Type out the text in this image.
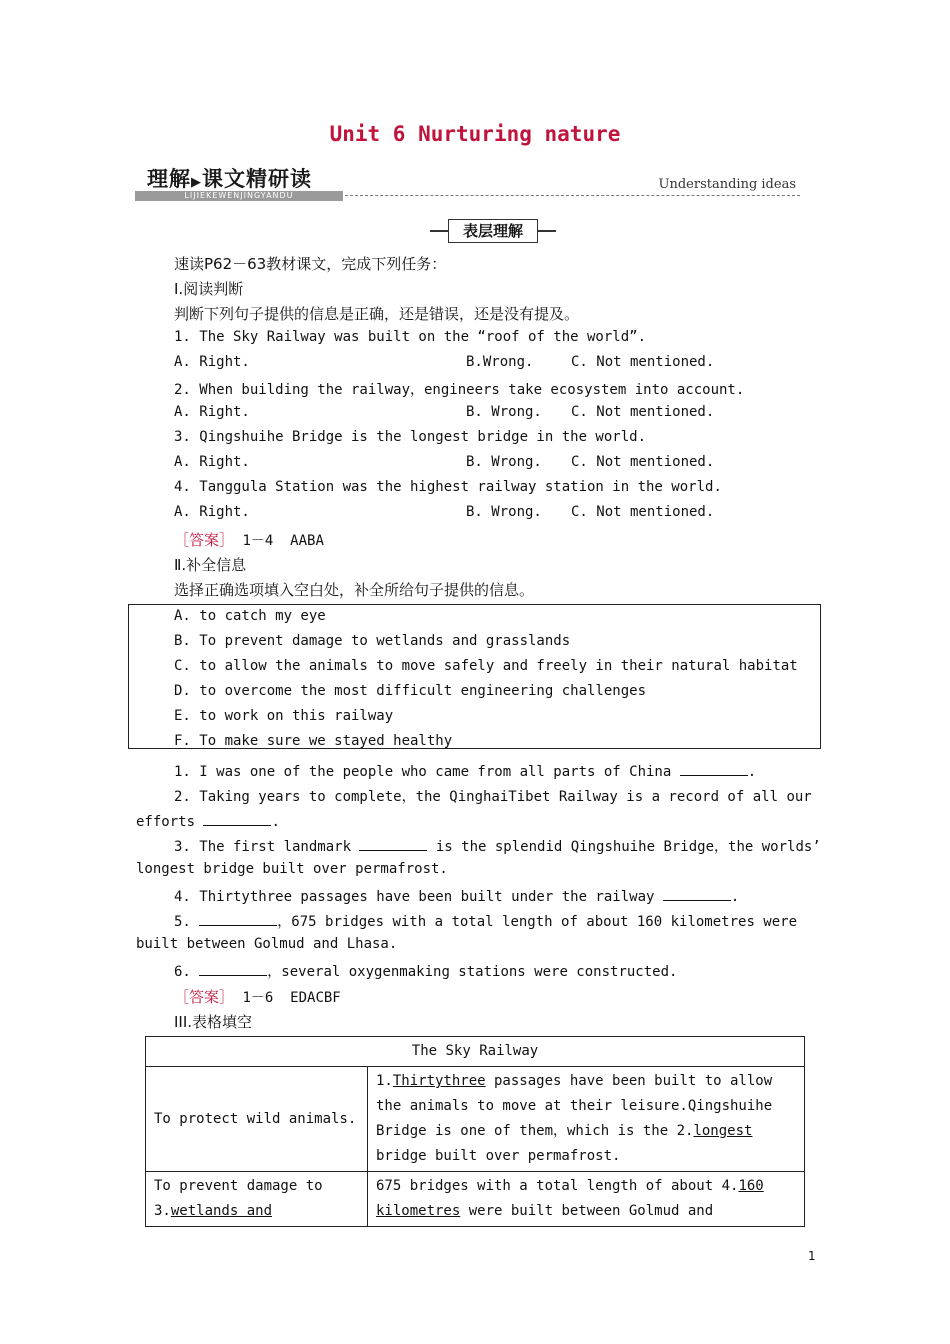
Unit 6 Nurturing nature
理解▶课文精研读
LIJIEKEWENJINGYANDU
Understanding ideas
表层理解
速读P62－63教材课文，完成下列任务：
Ⅰ.阅读判断
判断下列句子提供的信息是正确，还是错误，还是没有提及。
1. The Sky Railway was built on the “roof of the world”.
A. Right.	B.Wrong.	C. Not mentioned.
2. When building the railway，engineers take ecosystem into account.
A. Right.	B. Wrong. C. Not mentioned.
3. Qingshuihe Bridge is the longest bridge in the world.
A. Right.	B. Wrong. C. Not mentioned.
4. Tanggula Station was the highest railway station in the world.
A. Right.	B. Wrong. C. Not mentioned.
［答案］ 1－4  AABA
Ⅱ.补全信息
选择正确选项填入空白处，补全所给句子提供的信息。
A. to catch my eye
B. To prevent damage to wetlands and grasslands
C. to allow the animals to move safely and freely in their natural habitat
D. to overcome the most difficult engineering challenges
E. to work on this railway
F. To make sure we stayed healthy
1. I was one of the people who came from all parts of China	.
2. Taking years to complete，the QinghaiTibet Railway is a record of all our
efforts	.
3. The first landmark	is the splendid Qingshuihe Bridge，the worlds’
longest bridge built over permafrost.
4. Thirtythree passages have been built under the railway	.
5.	，675 bridges with a total length of about 160 kilometres were
built between Golmud and Lhasa.
6.	，several oxygenmaking stations were constructed.
［答案］ 1－6  EDACBF
III.表格填空
The Sky Railway	
To protect wild animals.	1.Thirtythree passages have been built to allow the animals to move at their leisure.Qingshuihe Bridge is one of them，which is the 2.longest bridge built over permafrost.
To prevent damage to
3.wetlands and	675 bridges with a total length of about 4.160
kilometres were built between Golmud and
1
